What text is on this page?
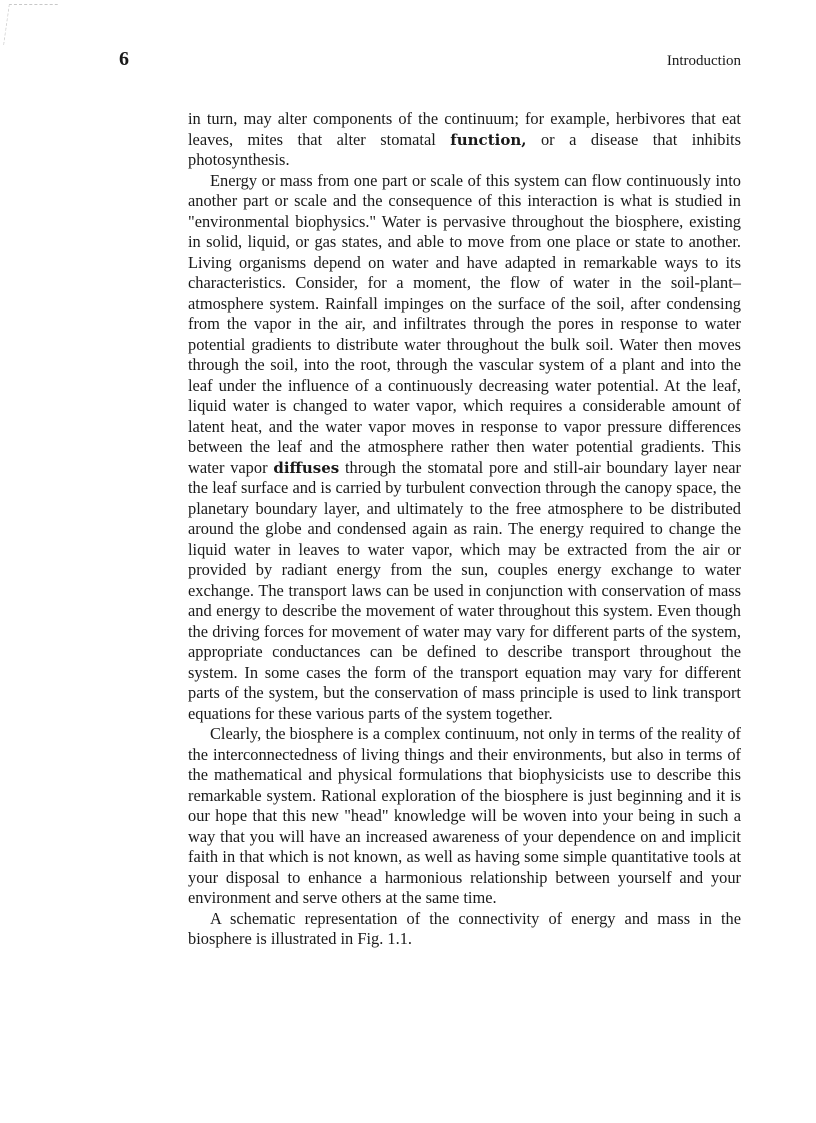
6	Introduction

in turn, may alter components of the continuum; for example, herbivores that eat leaves, mites that alter stomatal function, or a disease that inhibits photosynthesis.

Energy or mass from one part or scale of this system can flow continuously into another part or scale and the consequence of this interaction is what is studied in "environmental biophysics." Water is pervasive throughout the biosphere, existing in solid, liquid, or gas states, and able to move from one place or state to another. Living organisms depend on water and have adapted in remarkable ways to its characteristics. Consider, for a moment, the flow of water in the soil-plant–atmosphere system. Rainfall impinges on the surface of the soil, after condensing from the vapor in the air, and infiltrates through the pores in response to water potential gradients to distribute water throughout the bulk soil. Water then moves through the soil, into the root, through the vascular system of a plant and into the leaf under the influence of a continuously decreasing water potential. At the leaf, liquid water is changed to water vapor, which requires a considerable amount of latent heat, and the water vapor moves in response to vapor pressure differences between the leaf and the atmosphere rather then water potential gradients. This water vapor diffuses through the stomatal pore and still-air boundary layer near the leaf surface and is carried by turbulent convection through the canopy space, the planetary boundary layer, and ultimately to the free atmosphere to be distributed around the globe and condensed again as rain. The energy required to change the liquid water in leaves to water vapor, which may be extracted from the air or provided by radiant energy from the sun, couples energy exchange to water exchange. The transport laws can be used in conjunction with conservation of mass and energy to describe the movement of water throughout this system. Even though the driving forces for movement of water may vary for different parts of the system, appropriate conductances can be defined to describe transport throughout the system. In some cases the form of the transport equation may vary for different parts of the system, but the conservation of mass principle is used to link transport equations for these various parts of the system together.

Clearly, the biosphere is a complex continuum, not only in terms of the reality of the interconnectedness of living things and their environments, but also in terms of the mathematical and physical formulations that biophysicists use to describe this remarkable system. Rational exploration of the biosphere is just beginning and it is our hope that this new "head" knowledge will be woven into your being in such a way that you will have an increased awareness of your dependence on and implicit faith in that which is not known, as well as having some simple quantitative tools at your disposal to enhance a harmonious relationship between yourself and your environment and serve others at the same time.

A schematic representation of the connectivity of energy and mass in the biosphere is illustrated in Fig. 1.1.
